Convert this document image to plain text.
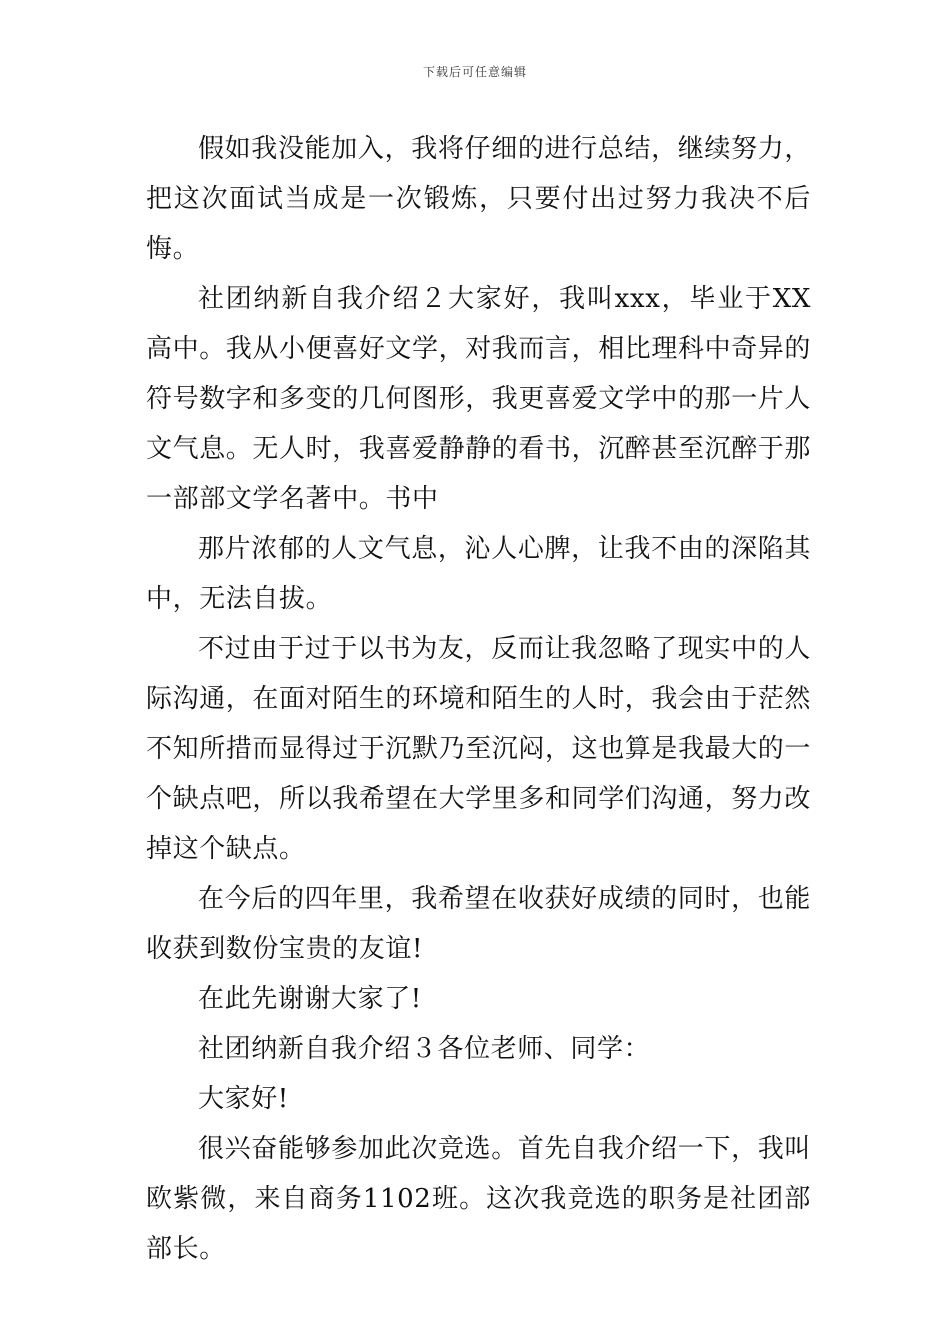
下载后可任意编辑

假如我没能加入，我将仔细的进行总结，继续努力，把这次面试当成是一次锻炼，只要付出过努力我决不后悔。

社团纳新自我介绍２大家好，我叫xxx，毕业于XX高中。我从小便喜好文学，对我而言，相比理科中奇异的符号数字和多变的几何图形，我更喜爱文学中的那一片人文气息。无人时，我喜爱静静的看书，沉醉甚至沉醉于那一部部文学名著中。书中

那片浓郁的人文气息，沁人心脾，让我不由的深陷其中，无法自拔。

不过由于过于以书为友，反而让我忽略了现实中的人际沟通，在面对陌生的环境和陌生的人时，我会由于茫然不知所措而显得过于沉默乃至沉闷，这也算是我最大的一个缺点吧，所以我希望在大学里多和同学们沟通，努力改掉这个缺点。

在今后的四年里，我希望在收获好成绩的同时，也能收获到数份宝贵的友谊!

在此先谢谢大家了!

社团纳新自我介绍３各位老师、同学：

大家好!

很兴奋能够参加此次竞选。首先自我介绍一下，我叫欧紫微，来自商务1102班。这次我竞选的职务是社团部部长。
